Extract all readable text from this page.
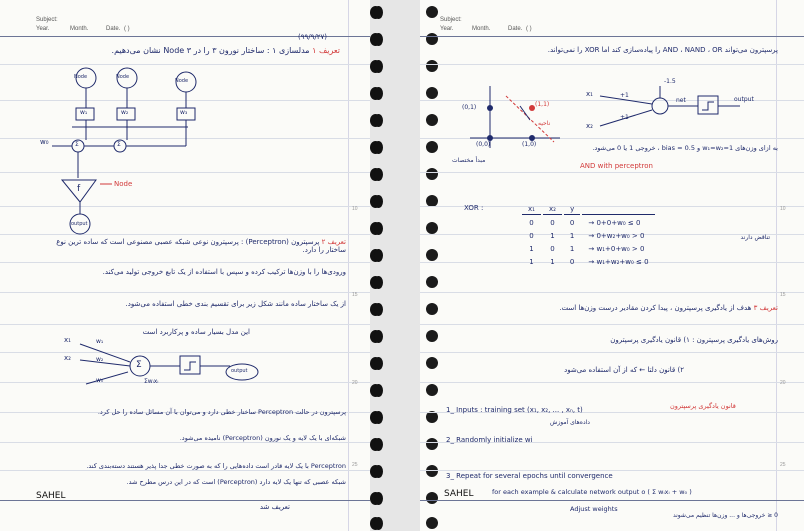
Subject:
Year.	Month.	Date. ( )
10
15
20
25
(۹۹/۹/۲۷)
تعریف ۱ مدلسازی ۱ : ساختار نورون ۳ را در ۳ Node نشان می‌دهیم.
Node	Node
Node
w₁	w₂	w₃
w₀	Σ	Σ
f	Node
output
تعریف ۲ پرسپترون (Perceptron) : پرسپترون نوعی شبکه عصبی مصنوعی است که ساده ترین نوع ساختار را دارد.
ورودی‌ها را با وزن‌ها ترکیب کرده و سپس با استفاده از یک تابع خروجی تولید می‌کند.
از یک ساختار ساده مانند شکل زیر برای تقسیم بندی خطی استفاده می‌شود.
این مدل بسیار ساده و پرکاربرد است
x₁
x₂
w₁
w₂
w₀
Σ
Σwᵢxᵢ
output
پرسپترون در حالت Perceptron ساختار خطی دارد و می‌توان با آن مسائل ساده را حل کرد.
شبکه‌ای با یک لایه و یک نورون (Perceptron) نامیده می‌شود.
Perceptron با یک لایه قادر است داده‌هایی را که به صورت خطی جدا پذیر هستند دسته‌بندی کند.
شبکه عصبی که تنها یک لایه دارد (Perceptron) است که در این درس مطرح شد.
SAHEL
تعریف شد
Subject:
Year.	Month.	Date. ( )
10
15
20
25
پرسپترون می‌تواند AND ، NAND ، OR را پیاده‌سازی کند اما XOR را نمی‌تواند.
(0,1)	(1,1)
(1,0)
(0,0)
ناحیه
مبدأ مختصات
x₁
x₂
+1
+1
-1.5
net	output
به ازای وزن‌های w₁=w₂=1 و bias = 0.5 ، خروجی 1 یا 0 می‌شود.
AND with perceptron
XOR :	x₁	x₂	y	
0	0	0	→ 0+0+w₀ ≤ 0
0	1	1	→ 0+w₂+w₀ > 0
1	0	1	→ w₁+0+w₀ > 0
1	1	0	→ w₁+w₂+w₀ ≤ 0
تناقض دارند
تعریف ۳ هدف از یادگیری پرسپترون ، پیدا کردن مقادیر درست وزن‌ها است.
روش‌های یادگیری پرسپترون : ۱) قانون یادگیری پرسپترون
۲) قانون دلتا ← که از آن استفاده می‌شود
1_ Inputs : training set (x₁, x₂, ... , xₙ, t)	قانون یادگیری پرسپترون
داده‌های آموزش
2_ Randomly initialize wi
3_ Repeat for several epochs until convergence
for each example & calculate network output o ( Σ wᵢxᵢ + w₀ )
Adjust weights
0 ≤ خروجی‌ها و ... وزن‌ها تنظیم می‌شوند
SAHEL
